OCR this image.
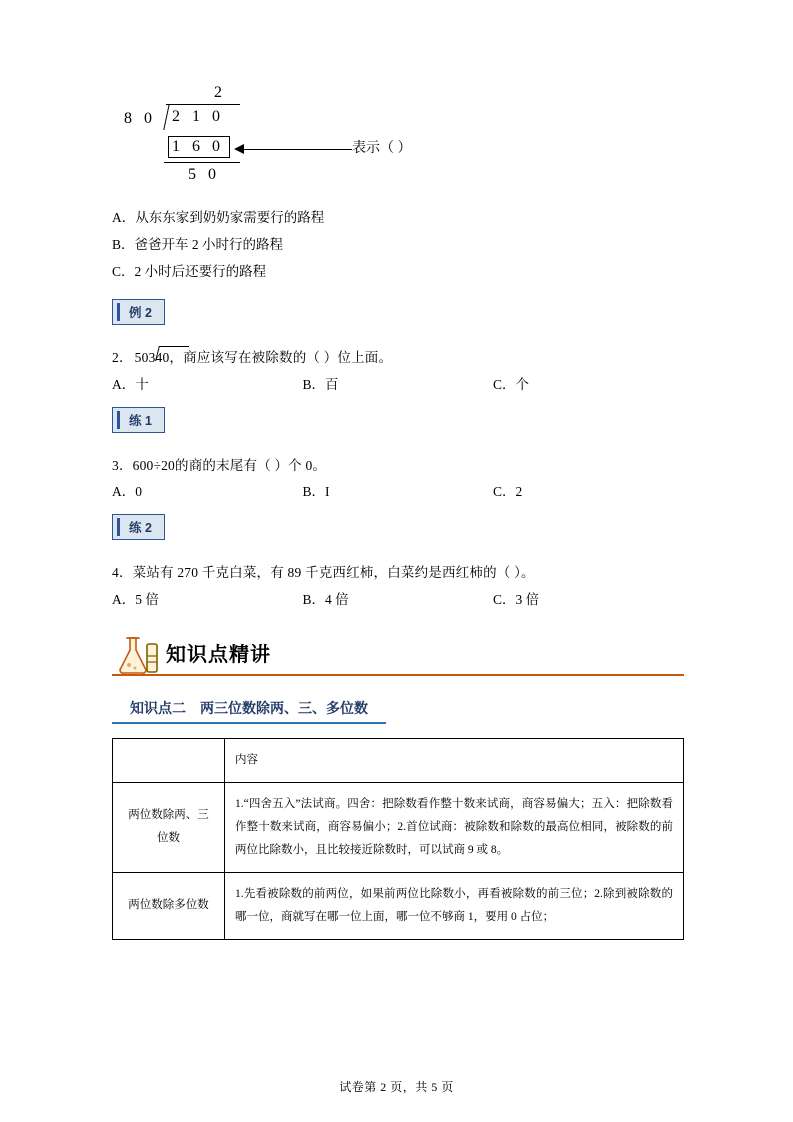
2
8 0 2 1 0
1 6 0
5 0
表示（ ）
A．从东东家到奶奶家需要行的路程
B．爸爸开车 2 小时行的路程
C．2 小时后还要行的路程
例 2
2． 50
340，商应该写在被除数的（ ）位上面。
A．十	B．百	C．个
练 1
3．600÷20的商的末尾有（ ）个 0。
A．0	B．I	C．2
练 2
4．菜站有 270 千克白菜，有 89 千克西红柿，白菜约是西红柿的（ ）。
A．5 倍	B．4 倍	C．3 倍
知识点精讲
知识点二　两三位数除两、三、多位数
	内容
两位数除两、三位数	1.“四舍五入”法试商。四舍：把除数看作整十数来试商，商容易偏大；五入：把除数看作整十数来试商，商容易偏小；2.首位试商：被除数和除数的最高位相同，被除数的前两位比除数小，且比较接近除数时，可以试商 9 或 8。
两位数除多位数	1.先看被除数的前两位，如果前两位比除数小，再看被除数的前三位；2.除到被除数的哪一位，商就写在哪一位上面，哪一位不够商 1，要用 0 占位；
试卷第 2 页，共 5 页
